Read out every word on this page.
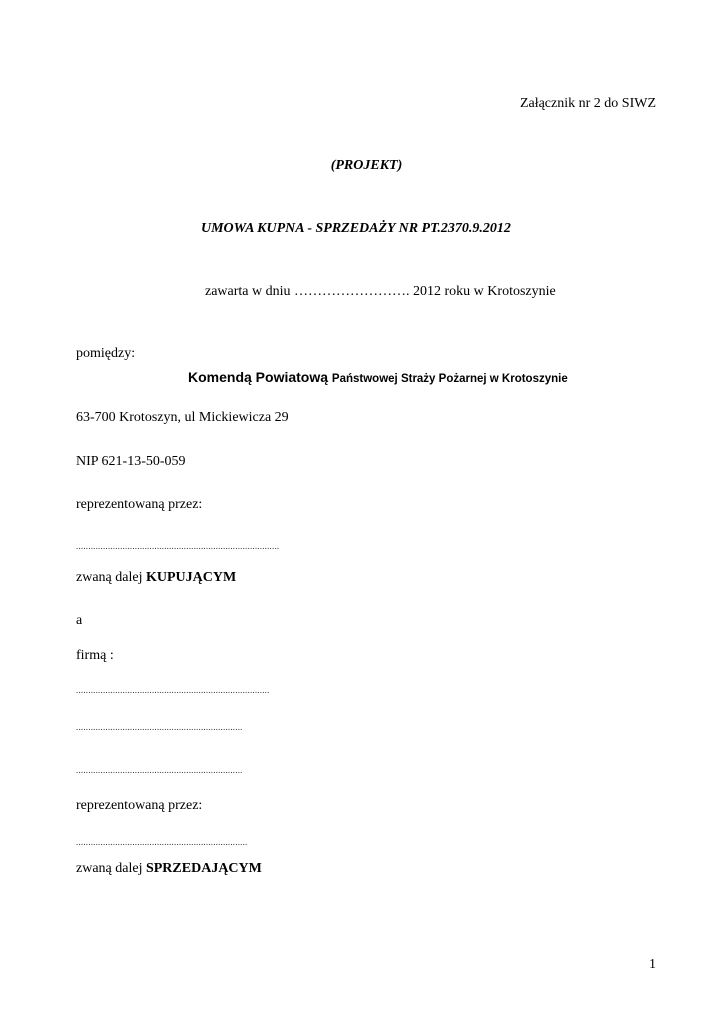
Załącznik nr 2 do SIWZ
(PROJEKT)
UMOWA KUPNA - SPRZEDAŻY NR PT.2370.9.2012
zawarta w dniu ……………………. 2012 roku w Krotoszynie
pomiędzy:
Komendą Powiatową Państwowej Straży Pożarnej w Krotoszynie
63-700 Krotoszyn, ul Mickiewicza 29
NIP 621-13-50-059
reprezentowaną przez:
...................................................................................
zwaną dalej KUPUJĄCYM
a
firmą :
...............................................................................
....................................................................
....................................................................
reprezentowaną przez:
......................................................................
zwaną dalej SPRZEDAJĄCYM
1
